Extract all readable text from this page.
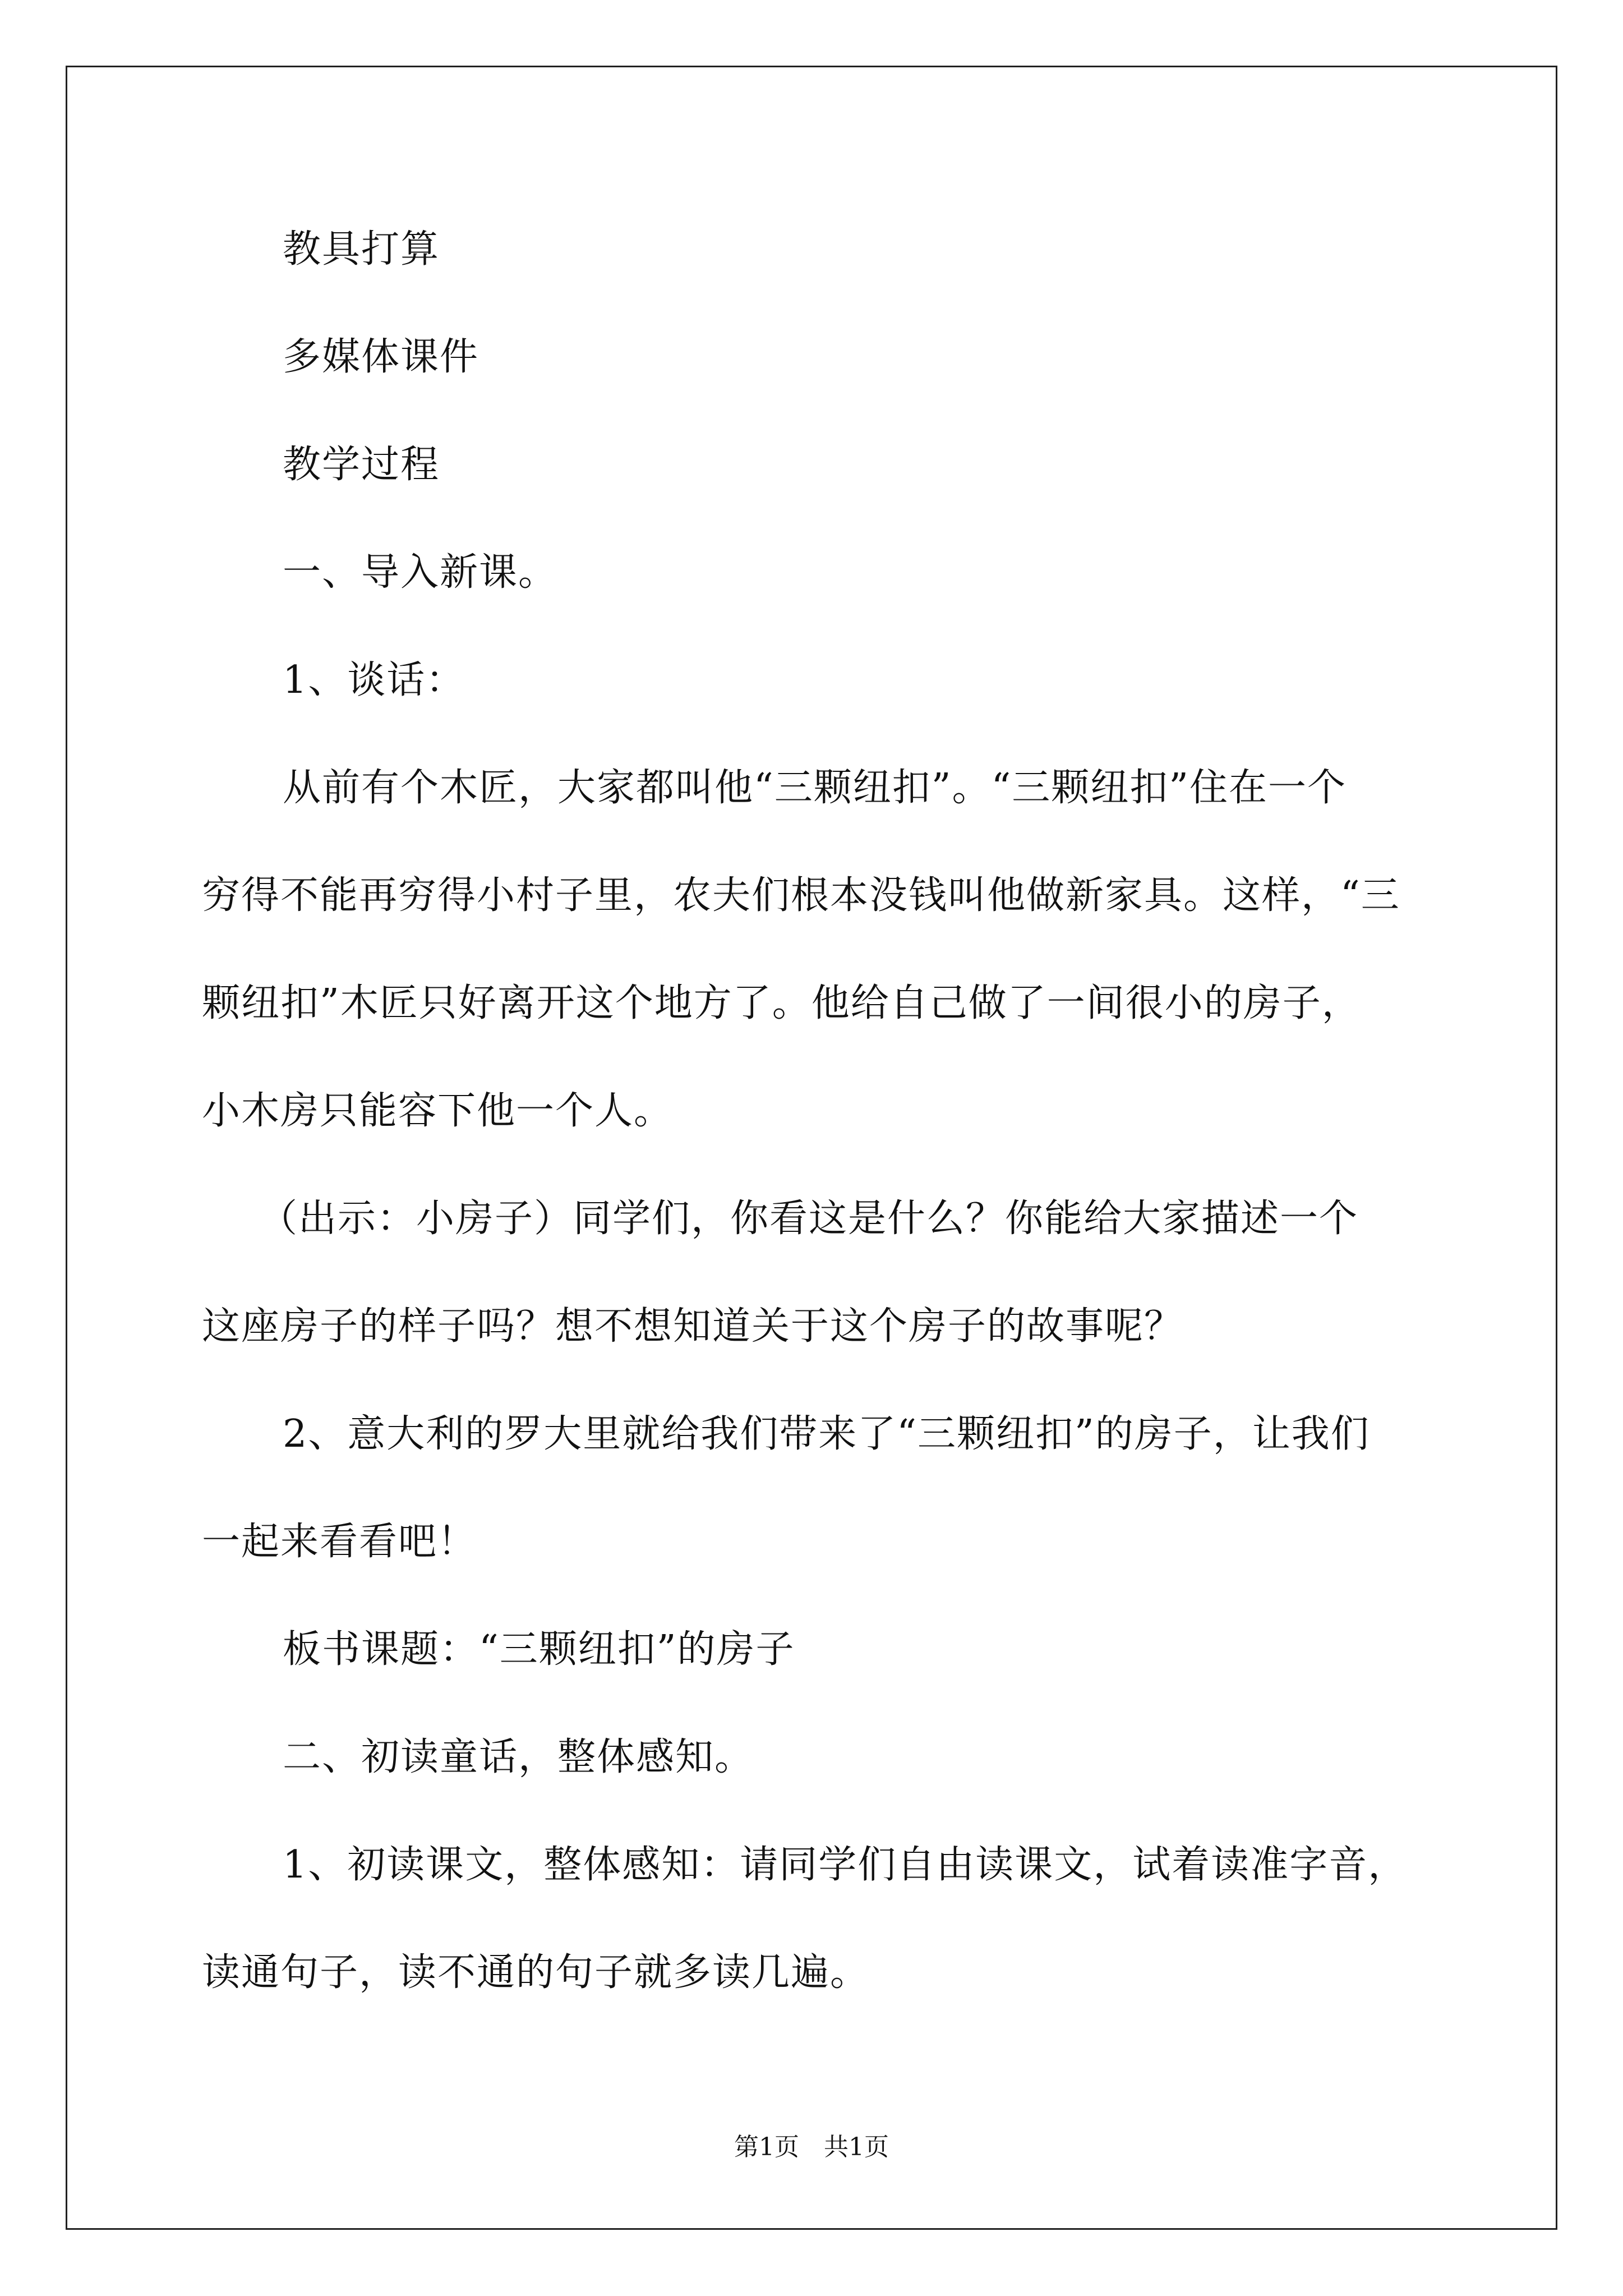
教具打算
多媒体课件
教学过程
一、导入新课。
1、谈话：
从前有个木匠，大家都叫他“三颗纽扣”。“三颗纽扣”住在一个
穷得不能再穷得小村子里，农夫们根本没钱叫他做新家具。这样，“三
颗纽扣”木匠只好离开这个地方了。他给自己做了一间很小的房子，
小木房只能容下他一个人。
（出示：小房子）同学们，你看这是什么？你能给大家描述一个
这座房子的样子吗？想不想知道关于这个房子的故事呢？
2、意大利的罗大里就给我们带来了“三颗纽扣”的房子，让我们
一起来看看吧！
板书课题：“三颗纽扣”的房子
二、初读童话，整体感知。
1、初读课文，整体感知：请同学们自由读课文，试着读准字音，
读通句子，读不通的句子就多读几遍。
第1页　共1页
